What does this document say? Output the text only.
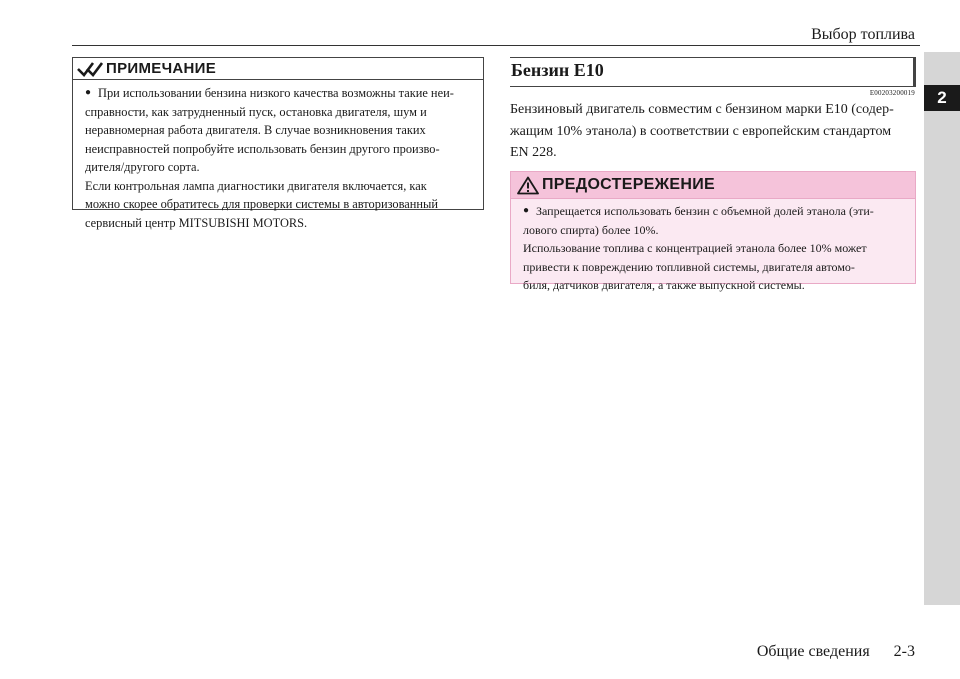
Выбор топлива
2
ПРИМЕЧАНИЕ
● При использовании бензина низкого качества возможны такие неи-
справности, как затрудненный пуск, остановка двигателя, шум и
неравномерная работа двигателя. В случае возникновения таких
неисправностей попробуйте использовать бензин другого произво-
дителя/другого сорта.
Если контрольная лампа диагностики двигателя включается, как
можно скорее обратитесь для проверки системы в авторизованный
сервисный центр MITSUBISHI MOTORS.
Бензин E10
E00203200019
Бензиновый двигатель совместим с бензином марки E10 (содер-
жащим 10% этанола) в соответствии с европейским стандартом
EN 228.
ПРЕДОСТЕРЕЖЕНИЕ
● Запрещается использовать бензин с объемной долей этанола (эти-
лового спирта) более 10%.
Использование топлива с концентрацией этанола более 10% может
привести к повреждению топливной системы, двигателя автомо-
биля, датчиков двигателя, а также выпускной системы.
Общие сведения 2-3
